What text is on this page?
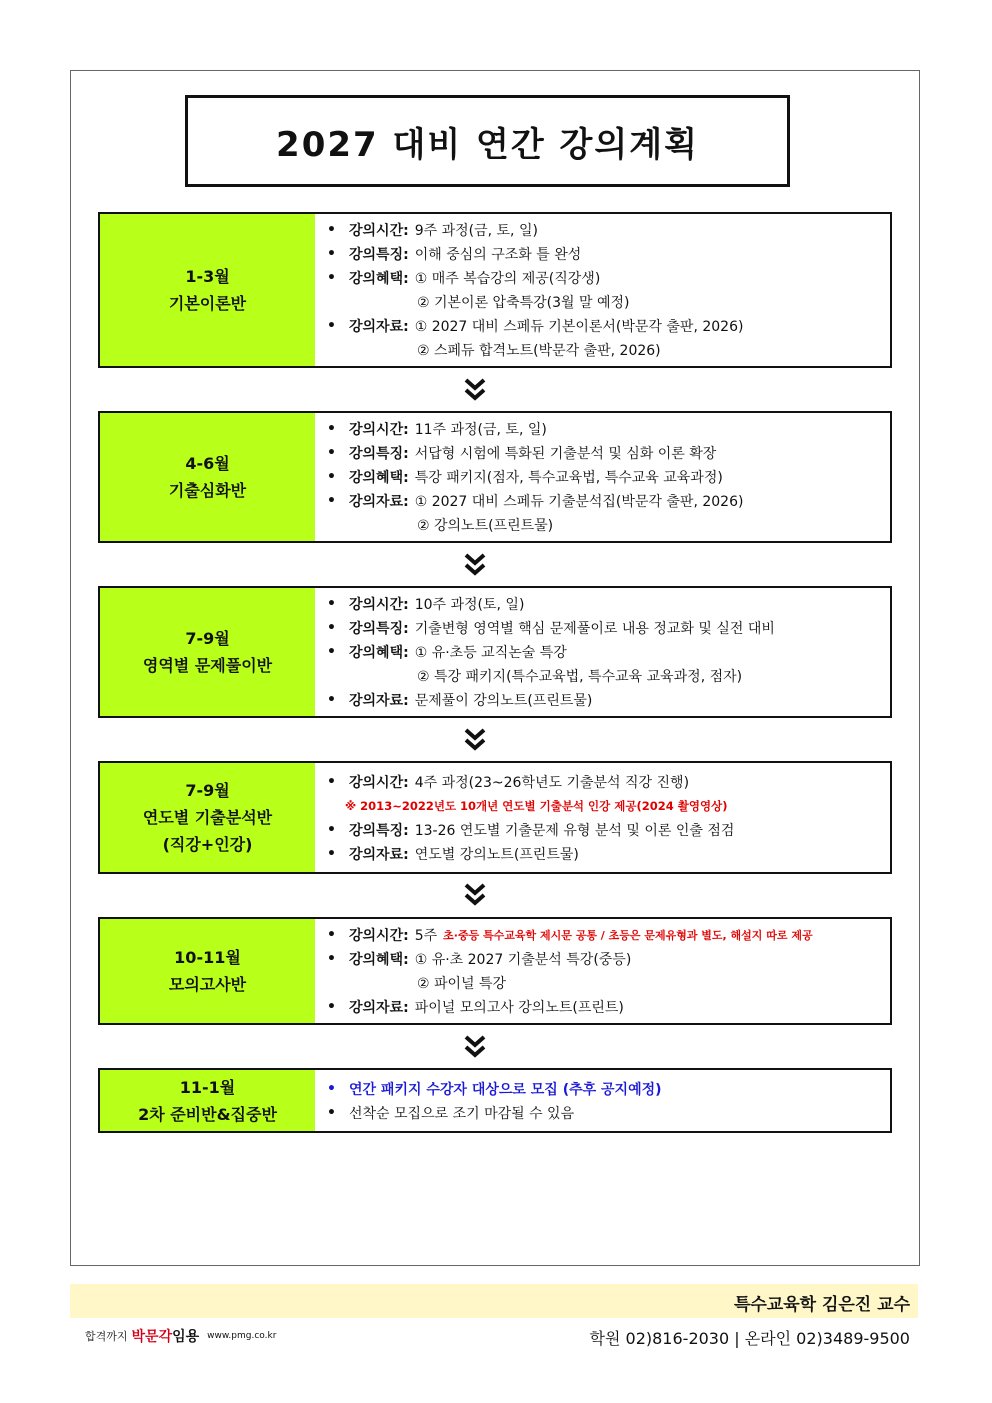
2027 대비 연간 강의계획
1-3월
기본이론반
• 강의시간: 9주 과정(금, 토, 일)
• 강의특징: 이해 중심의 구조화 틀 완성
• 강의혜택: ① 매주 복습강의 제공(직강생)
② 기본이론 압축특강(3월 말 예정)
• 강의자료: ① 2027 대비 스페듀 기본이론서(박문각 출판, 2026)
② 스페듀 합격노트(박문각 출판, 2026)
4-6월
기출심화반
• 강의시간: 11주 과정(금, 토, 일)
• 강의특징: 서답형 시험에 특화된 기출분석 및 심화 이론 확장
• 강의혜택: 특강 패키지(점자, 특수교육법, 특수교육 교육과정)
• 강의자료: ① 2027 대비 스페듀 기출분석집(박문각 출판, 2026)
② 강의노트(프린트물)
7-9월
영역별 문제풀이반
• 강의시간: 10주 과정(토, 일)
• 강의특징: 기출변형 영역별 핵심 문제풀이로 내용 정교화 및 실전 대비
• 강의혜택: ① 유·초등 교직논술 특강
② 특강 패키지(특수교육법, 특수교육 교육과정, 점자)
• 강의자료: 문제풀이 강의노트(프린트물)
7-9월
연도별 기출분석반
(직강+인강)
• 강의시간: 4주 과정(23~26학년도 기출분석 직강 진행)
※ 2013~2022년도 10개년 연도별 기출분석 인강 제공(2024 촬영영상)
• 강의특징: 13-26 연도별 기출문제 유형 분석 및 이론 인출 점검
• 강의자료: 연도별 강의노트(프린트물)
10-11월
모의고사반
• 강의시간: 5주 초·중등 특수교육학 제시문 공통 / 초등은 문제유형과 별도, 해설지 따로 제공
• 강의혜택: ① 유·초 2027 기출분석 특강(중등)
② 파이널 특강
• 강의자료: 파이널 모의고사 강의노트(프린트)
11-1월
2차 준비반&집중반
• 연간 패키지 수강자 대상으로 모집 (추후 공지예정)
• 선착순 모집으로 조기 마감될 수 있음
특수교육학 김은진 교수
합격까지 박문각임용 www.pmg.co.kr	학원 02)816-2030 | 온라인 02)3489-9500
